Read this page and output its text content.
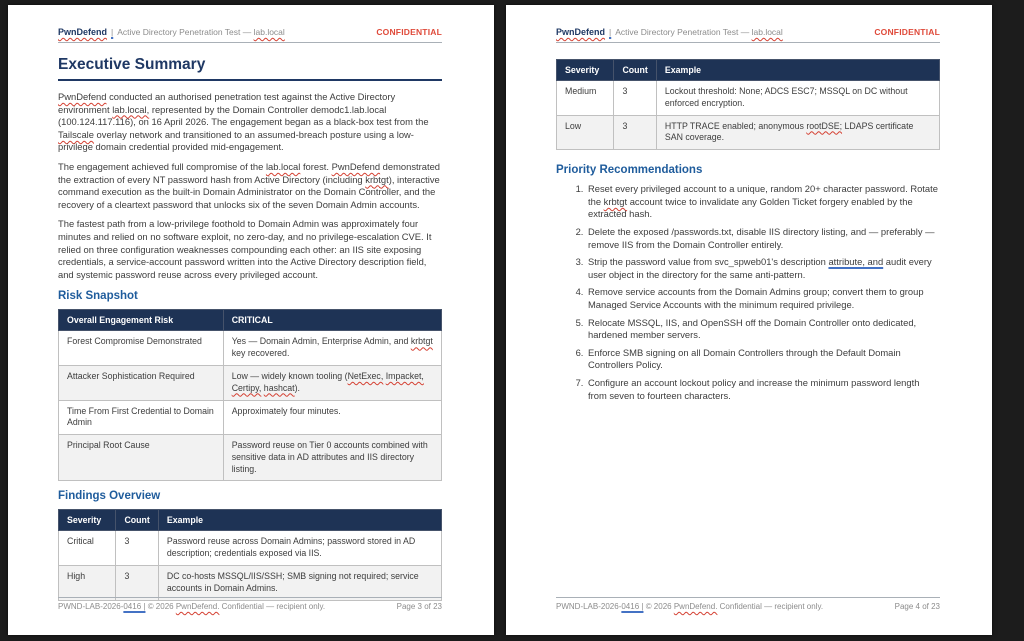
PwnDefend | Active Directory Penetration Test — lab.local	CONFIDENTIAL
Executive Summary

PwnDefend conducted an authorised penetration test against the Active Directory environment lab.local, represented by the Domain Controller demodc1.lab.local (100.124.117.116), on 16 April 2026. The engagement began as a black-box test from the Tailscale overlay network and transitioned to an assumed-breach posture using a low-privilege domain credential provided mid-engagement.

The engagement achieved full compromise of the lab.local forest. PwnDefend demonstrated the extraction of every NT password hash from Active Directory (including krbtgt), interactive command execution as the built-in Domain Administrator on the Domain Controller, and the recovery of a cleartext password that unlocks six of the seven Domain Admin accounts.

The fastest path from a low-privilege foothold to Domain Admin was approximately four minutes and relied on no software exploit, no zero-day, and no privilege-escalation CVE. It relied on three configuration weaknesses compounding each other: an IIS site exposing credentials, a service-account password written into the Active Directory description field, and systemic password reuse across every privileged account.

Risk Snapshot
Overall Engagement Risk	CRITICAL
Forest Compromise Demonstrated	Yes — Domain Admin, Enterprise Admin, and krbtgt key recovered.
Attacker Sophistication Required	Low — widely known tooling (NetExec, Impacket, Certipy, hashcat).
Time From First Credential to Domain Admin	Approximately four minutes.
Principal Root Cause	Password reuse on Tier 0 accounts combined with sensitive data in AD attributes and IIS directory listing.
Findings Overview
Severity	Count	Example
Critical	3	Password reuse across Domain Admins; password stored in AD description; credentials exposed via IIS.
High	3	DC co-hosts MSSQL/IIS/SSH; SMB signing not required; service accounts in Domain Admins.
PWND-LAB-2026-0416 | © 2026 PwnDefend. Confidential — recipient only.	Page 3 of 23
PwnDefend | Active Directory Penetration Test — lab.local	CONFIDENTIAL
Severity	Count	Example
Medium	3	Lockout threshold: None; ADCS ESC7; MSSQL on DC without enforced encryption.
Low	3	HTTP TRACE enabled; anonymous rootDSE; LDAPS certificate SAN coverage.
Priority Recommendations
1. Reset every privileged account to a unique, random 20+ character password. Rotate the krbtgt account twice to invalidate any Golden Ticket forgery enabled by the extracted hash.
2. Delete the exposed /passwords.txt, disable IIS directory listing, and — preferably — remove IIS from the Domain Controller entirely.
3. Strip the password value from svc_spweb01's description attribute, and audit every user object in the directory for the same anti-pattern.
4. Remove service accounts from the Domain Admins group; convert them to group Managed Service Accounts with the minimum required privilege.
5. Relocate MSSQL, IIS, and OpenSSH off the Domain Controller onto dedicated, hardened member servers.
6. Enforce SMB signing on all Domain Controllers through the Default Domain Controllers Policy.
7. Configure an account lockout policy and increase the minimum password length from seven to fourteen characters.
PWND-LAB-2026-0416 | © 2026 PwnDefend. Confidential — recipient only.	Page 4 of 23
